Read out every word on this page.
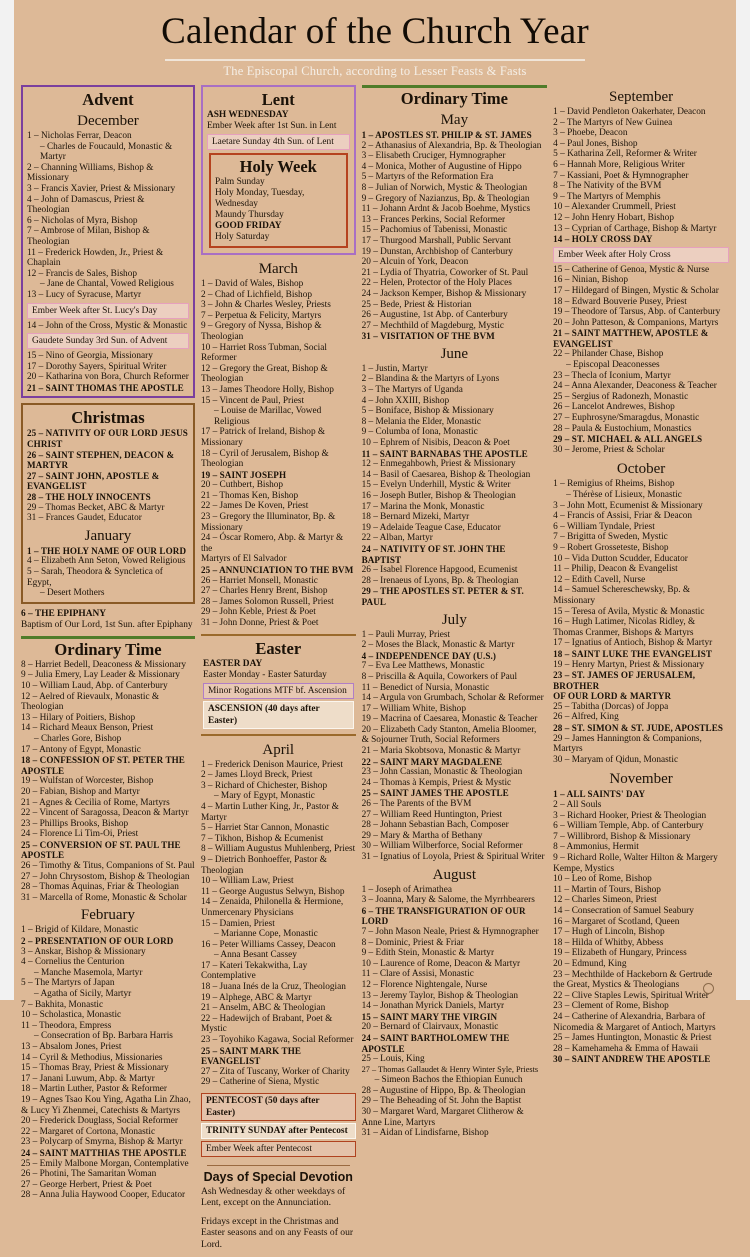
Calendar of the Church Year
The Episcopal Church, according to Lesser Feasts & Fasts
Advent
December
1 – Nicholas Ferrar, Deacon
– Charles de Foucauld, Monastic & Martyr
2 – Channing Williams, Bishop & Missionary
3 – Francis Xavier, Priest & Missionary
4 – John of Damascus, Priest & Theologian
6 – Nicholas of Myra, Bishop
7 – Ambrose of Milan, Bishop & Theologian
11 – Frederick Howden, Jr., Priest & Chaplain
12 – Francis de Sales, Bishop
– Jane de Chantal, Vowed Religious
13 – Lucy of Syracuse, Martyr
Ember Week after St. Lucy's Day
14 – John of the Cross, Mystic & Monastic
Gaudete Sunday 3rd Sun. of Advent
15 – Nino of Georgia, Missionary
17 – Dorothy Sayers, Spiritual Writer
20 – Katharina von Bora, Church Reformer
21 – SAINT THOMAS THE APOSTLE
Christmas
25 – NATIVITY OF OUR LORD JESUS CHRIST
26 – SAINT STEPHEN, DEACON & MARTYR
27 – SAINT JOHN, APOSTLE & EVANGELIST
28 – THE HOLY INNOCENTS
29 – Thomas Becket, ABC & Martyr
31 – Frances Gaudet, Educator
January
1 – THE HOLY NAME OF OUR LORD
4 – Elizabeth Ann Seton, Vowed Religious
5 – Sarah, Theodora & Syncletica of Egypt,
– Desert Mothers

6 – THE EPIPHANY

Baptism of Our Lord, 1st Sun. after Epiphany

Ordinary Time
8 – Harriet Bedell, Deaconess & Missionary
9 – Julia Emery, Lay Leader & Missionary
10 – William Laud, Abp. of Canterbury
12 – Aelred of Rievaulx, Monastic & Theologian
13 – Hilary of Poitiers, Bishop
14 – Richard Meaux Benson, Priest
– Charles Gore, Bishop
17 – Antony of Egypt, Monastic
18 – CONFESSION OF ST. PETER THE APOSTLE
19 – Wulfstan of Worcester, Bishop
20 – Fabian, Bishop and Martyr
21 – Agnes & Cecilia of Rome, Martyrs
22 – Vincent of Saragossa, Deacon & Martyr
23 – Phillips Brooks, Bishop
24 – Florence Li Tim-Oi, Priest
25 – CONVERSION OF ST. PAUL THE APOSTLE
26 – Timothy & Titus, Companions of St. Paul
27 – John Chrysostom, Bishop & Theologian
28 – Thomas Aquinas, Friar & Theologian
31 – Marcella of Rome, Monastic & Scholar
February
1 – Brigid of Kildare, Monastic
2 – PRESENTATION OF OUR LORD
3 – Anskar, Bishop & Missionary
4 – Cornelius the Centurion
– Manche Masemola, Martyr
5 – The Martyrs of Japan
– Agatha of Sicily, Martyr
7 – Bakhita, Monastic
10 – Scholastica, Monastic
11 – Theodora, Empress
– Consecration of Bp. Barbara Harris
13 – Absalom Jones, Priest
14 – Cyril & Methodius, Missionaries
15 – Thomas Bray, Priest & Missionary
17 – Janani Luwum, Abp. & Martyr
18 – Martin Luther, Pastor & Reformer
19 – Agnes Tsao Kou Ying, Agatha Lin Zhao,
& Lucy Yi Zhenmei, Catechists & Martyrs
20 – Frederick Douglass, Social Reformer
22 – Margaret of Cortona, Monastic
23 – Polycarp of Smyrna, Bishop & Martyr
24 – SAINT MATTHIAS THE APOSTLE
25 – Emily Malbone Morgan, Contemplative
26 – Photini, The Samaritan Woman
27 – George Herbert, Priest & Poet
28 – Anna Julia Haywood Cooper, Educator
Lent

ASH WEDNESDAY

Ember Week after 1st Sun. in Lent

Laetare Sunday 4th Sun. of Lent
Holy Week

Palm Sunday

Holy Monday, Tuesday, Wednesday

Maundy Thursday

GOOD FRIDAY

Holy Saturday

March
1 – David of Wales, Bishop
2 – Chad of Lichfield, Bishop
3 – John & Charles Wesley, Priests
7 – Perpetua & Felicity, Martyrs
9 – Gregory of Nyssa, Bishop & Theologian
10 – Harriet Ross Tubman, Social Reformer
12 – Gregory the Great, Bishop & Theologian
13 – James Theodore Holly, Bishop
15 – Vincent de Paul, Priest
– Louise de Marillac, Vowed Religious
17 – Patrick of Ireland, Bishop & Missionary
18 – Cyril of Jerusalem, Bishop & Theologian
19 – SAINT JOSEPH
20 – Cuthbert, Bishop
21 – Thomas Ken, Bishop
22 – James De Koven, Priest
23 – Gregory the Illuminator, Bp. & Missionary
24 – Óscar Romero, Abp. & Martyr & the
Martyrs of El Salvador
25 – ANNUNCIATION TO THE BVM
26 – Harriet Monsell, Monastic
27 – Charles Henry Brent, Bishop
28 – James Solomon Russell, Priest
29 – John Keble, Priest & Poet
31 – John Donne, Priest & Poet
Easter

EASTER DAY

Easter Monday - Easter Saturday

Minor Rogations MTF bf. Ascension
ASCENSION (40 days after Easter)
April
1 – Frederick Denison Maurice, Priest
2 – James Lloyd Breck, Priest
3 – Richard of Chichester, Bishop
– Mary of Egypt, Monastic
4 – Martin Luther King, Jr., Pastor & Martyr
5 – Harriet Star Cannon, Monastic
7 – Tikhon, Bishop & Ecumenist
8 – William Augustus Muhlenberg, Priest
9 – Dietrich Bonhoeffer, Pastor & Theologian
10 – William Law, Priest
11 – George Augustus Selwyn, Bishop
14 – Zenaida, Philonella & Hermione,
Unmercenary Physicians
15 – Damien, Priest
– Marianne Cope, Monastic
16 – Peter Williams Cassey, Deacon
– Anna Besant Cassey
17 – Kateri Tekakwitha, Lay Contemplative
18 – Juana Inés de la Cruz, Theologian
19 – Alphege, ABC & Martyr
21 – Anselm, ABC & Theologian
22 – Hadewijch of Brabant, Poet & Mystic
23 – Toyohiko Kagawa, Social Reformer
25 – SAINT MARK THE EVANGELIST
27 – Zita of Tuscany, Worker of Charity
29 – Catherine of Siena, Mystic
PENTECOST (50 days after Easter)
TRINITY SUNDAY after Pentecost
Ember Week after Pentecost
Days of Special Devotion

Ash Wednesday & other weekdays of Lent, except on the Annunciation.

Fridays except in the Christmas and Easter seasons and on any Feasts of our Lord.

Ordinary Time
May
1 – APOSTLES ST. PHILIP & ST. JAMES
2 – Athanasius of Alexandria, Bp. & Theologian
3 – Elisabeth Cruciger, Hymnographer
4 – Monica, Mother of Augustine of Hippo
5 – Martyrs of the Reformation Era
8 – Julian of Norwich, Mystic & Theologian
9 – Gregory of Nazianzus, Bp. & Theologian
11 – Johann Ardnt & Jacob Boehme, Mystics
13 – Frances Perkins, Social Reformer
15 – Pachomius of Tabenissi, Monastic
17 – Thurgood Marshall, Public Servant
19 – Dunstan, Archbishop of Canterbury
20 – Alcuin of York, Deacon
21 – Lydia of Thyatria, Coworker of St. Paul
22 – Helen, Protector of the Holy Places
24 – Jackson Kemper, Bishop & Missionary
25 – Bede, Priest & Historian
26 – Augustine, 1st Abp. of Canterbury
27 – Mechthild of Magdeburg, Mystic
31 – VISITATION OF THE BVM
June
1 – Justin, Martyr
2 – Blandina & the Martyrs of Lyons
3 – The Martyrs of Uganda
4 – John XXIII, Bishop
5 – Boniface, Bishop & Missionary
8 – Melania the Elder, Monastic
9 – Columba of Iona, Monastic
10 – Ephrem of Nisibis, Deacon & Poet
11 – SAINT BARNABAS THE APOSTLE
12 – Enmegahbowh, Priest & Missionary
14 – Basil of Caesarea, Bishop & Theologian
15 – Evelyn Underhill, Mystic & Writer
16 – Joseph Butler, Bishop & Theologian
17 – Marina the Monk, Monastic
18 – Bernard Mizeki, Martyr
19 – Adelaide Teague Case, Educator
22 – Alban, Martyr
24 – NATIVITY OF ST. JOHN THE BAPTIST
26 – Isabel Florence Hapgood, Ecumenist
28 – Irenaeus of Lyons, Bp. & Theologian
29 – THE APOSTLES ST. PETER & ST. PAUL
July
1 – Pauli Murray, Priest
2 – Moses the Black, Monastic & Martyr
4 – INDEPENDENCE DAY (U.S.)
7 – Eva Lee Matthews, Monastic
8 – Priscilla & Aquila, Coworkers of Paul
11 – Benedict of Nursia, Monastic
14 – Argula von Grumbach, Scholar & Reformer
17 – William White, Bishop
19 – Macrina of Caesarea, Monastic & Teacher
20 – Elizabeth Cady Stanton, Amelia Bloomer,
& Sojourner Truth, Social Reformers
21 – Maria Skobtsova, Monastic & Martyr
22 – SAINT MARY MAGDALENE
23 – John Cassian, Monastic & Theologian
24 – Thomas à Kempis, Priest & Mystic
25 – SAINT JAMES THE APOSTLE
26 – The Parents of the BVM
27 – William Reed Huntington, Priest
28 – Johann Sebastian Bach, Composer
29 – Mary & Martha of Bethany
30 – William Wilberforce, Social Reformer
31 – Ignatius of Loyola, Priest & Spiritual Writer
August
1 – Joseph of Arimathea
3 – Joanna, Mary & Salome, the Myrrhbearers
6 – THE TRANSFIGURATION OF OUR LORD
7 – John Mason Neale, Priest & Hymnographer
8 – Dominic, Priest & Friar
9 – Edith Stein, Monastic & Martyr
10 – Laurence of Rome, Deacon & Martyr
11 – Clare of Assisi, Monastic
12 – Florence Nightengale, Nurse
13 – Jeremy Taylor, Bishop & Theologian
14 – Jonathan Myrick Daniels, Martyr
15 – SAINT MARY THE VIRGIN
20 – Bernard of Clairvaux, Monastic
24 – SAINT BARTHOLOMEW THE APOSTLE
25 – Louis, King
27 – Thomas Gallaudet & Henry Winter Syle, Priests
– Simeon Bachos the Ethiopian Eunuch
28 – Augustine of Hippo, Bp. & Theologian
29 – The Beheading of St. John the Baptist
30 – Margaret Ward, Margaret Clitherow &
Anne Line, Martyrs
31 – Aidan of Lindisfarne, Bishop
September
1 – David Pendleton Oakerhater, Deacon
2 – The Martyrs of New Guinea
3 – Phoebe, Deacon
4 – Paul Jones, Bishop
5 – Katharina Zell, Reformer & Writer
6 – Hannah More, Religious Writer
7 – Kassiani, Poet & Hymnographer
8 – The Nativity of the BVM
9 – The Martyrs of Memphis
10 – Alexander Crummell, Priest
12 – John Henry Hobart, Bishop
13 – Cyprian of Carthage, Bishop & Martyr
14 – HOLY CROSS DAY
Ember Week after Holy Cross
15 – Catherine of Genoa, Mystic & Nurse
16 – Ninian, Bishop
17 – Hildegard of Bingen, Mystic & Scholar
18 – Edward Bouverie Pusey, Priest
19 – Theodore of Tarsus, Abp. of Canterbury
20 – John Patteson, & Companions, Martyrs
21 – SAINT MATTHEW, APOSTLE & EVANGELIST
22 – Philander Chase, Bishop
– Episcopal Deaconesses
23 – Thecla of Iconium, Martyr
24 – Anna Alexander, Deaconess & Teacher
25 – Sergius of Radonezh, Monastic
26 – Lancelot Andrewes, Bishop
27 – Euphrosyne/Smaragdus, Monastic
28 – Paula & Eustochium, Monastics
29 – ST. MICHAEL & ALL ANGELS
30 – Jerome, Priest & Scholar
October
1 – Remigius of Rheims, Bishop
– Thérèse of Lisieux, Monastic
3 – John Mott, Ecumenist & Missionary
4 – Francis of Assisi, Friar & Deacon
6 – William Tyndale, Priest
7 – Brigitta of Sweden, Mystic
9 – Robert Grosseteste, Bishop
10 – Vida Dutton Scudder, Educator
11 – Philip, Deacon & Evangelist
12 – Edith Cavell, Nurse
14 – Samuel Schereschewsky, Bp. & Missionary
15 – Teresa of Avila, Mystic & Monastic
16 – Hugh Latimer, Nicolas Ridley, &
Thomas Cranmer, Bishops & Martyrs
17 – Ignatius of Antioch, Bishop & Martyr
18 – SAINT LUKE THE EVANGELIST
19 – Henry Martyn, Priest & Missionary
23 – ST. JAMES OF JERUSALEM, BROTHER
OF OUR LORD & MARTYR
25 – Tabitha (Dorcas) of Joppa
26 – Alfred, King
28 – ST. SIMON & ST. JUDE, APOSTLES
29 – James Hannington & Companions,
Martyrs
30 – Maryam of Qidun, Monastic
November
1 – ALL SAINTS' DAY
2 – All Souls
3 – Richard Hooker, Priest & Theologian
6 – William Temple, Abp. of Canterbury
7 – Willibrord, Bishop & Missionary
8 – Ammonius, Hermit
9 – Richard Rolle, Walter Hilton & Margery
Kempe, Mystics
10 – Leo of Rome, Bishop
11 – Martin of Tours, Bishop
12 – Charles Simeon, Priest
14 – Consecration of Samuel Seabury
16 – Margaret of Scotland, Queen
17 – Hugh of Lincoln, Bishop
18 – Hilda of Whitby, Abbess
19 – Elizabeth of Hungary, Princess
20 – Edmund, King
23 – Mechthilde of Hackeborn & Gertrude
the Great, Mystics & Theologians
22 – Clive Staples Lewis, Spiritual Writer
23 – Clement of Rome, Bishop
24 – Catherine of Alexandria, Barbara of
Nicomedia & Margaret of Antioch, Martyrs
25 – James Huntington, Monastic & Priest
28 – Kamehameha & Emma of Hawaii
30 – SAINT ANDREW THE APOSTLE
